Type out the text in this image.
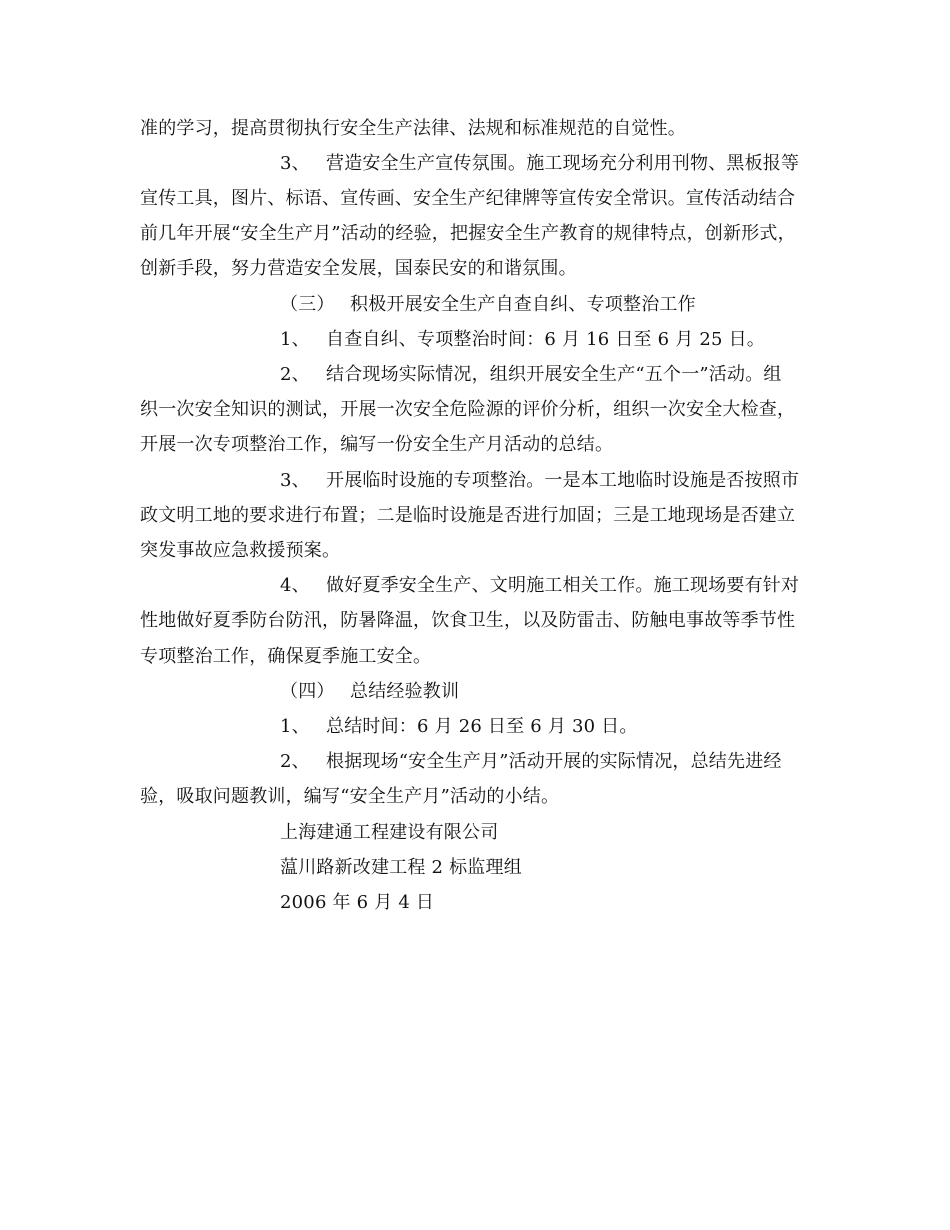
准的学习，提高贯彻执行安全生产法律、法规和标准规范的自觉性。
3、 营造安全生产宣传氛围。施工现场充分利用刊物、黑板报等
宣传工具，图片、标语、宣传画、安全生产纪律牌等宣传安全常识。宣传活动结合
前几年开展“安全生产月”活动的经验，把握安全生产教育的规律特点，创新形式，
创新手段，努力营造安全发展，国泰民安的和谐氛围。
（三） 积极开展安全生产自查自纠、专项整治工作
1、 自查自纠、专项整治时间：6 月 16 日至 6 月 25 日。
2、 结合现场实际情况，组织开展安全生产“五个一”活动。组
织一次安全知识的测试，开展一次安全危险源的评价分析，组织一次安全大检查，
开展一次专项整治工作，编写一份安全生产月活动的总结。
3、 开展临时设施的专项整治。一是本工地临时设施是否按照市
政文明工地的要求进行布置；二是临时设施是否进行加固；三是工地现场是否建立
突发事故应急救援预案。
4、 做好夏季安全生产、文明施工相关工作。施工现场要有针对
性地做好夏季防台防汛，防暑降温，饮食卫生，以及防雷击、防触电事故等季节性
专项整治工作，确保夏季施工安全。
（四） 总结经验教训
1、 总结时间：6 月 26 日至 6 月 30 日。
2、 根据现场“安全生产月”活动开展的实际情况，总结先进经
验，吸取问题教训，编写“安全生产月”活动的小结。
上海建通工程建设有限公司
蕰川路新改建工程 2 标监理组
2006 年 6 月 4 日
